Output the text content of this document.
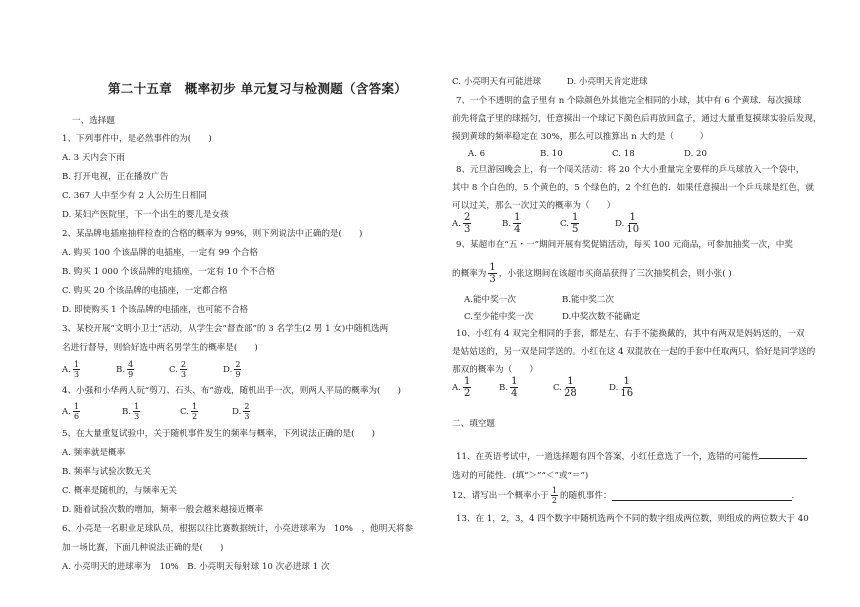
第二十五章　概率初步 单元复习与检测题（含答案）
一、选择题
1、下列事件中，是必然事件的为(　　)
A. 3 天内会下雨
B. 打开电视，正在播放广告
C. 367 人中至少有 2 人公历生日相同
D. 某妇产医院里，下一个出生的婴儿是女孩
2、某品牌电插座抽样检查的合格的概率为 99%，则下列说法中正确的是(　　)
A. 购买 100 个该品牌的电插座，一定有 99 个合格
B. 购买 1 000 个该品牌的电插座，一定有 10 个不合格
C. 购买 20 个该品牌的电插座，一定都合格
D. 即使购买 1 个该品牌的电插座，也可能不合格
3、某校开展“文明小卫士”活动，从学生会“督查部”的 3 名学生(2 男 1 女)中随机选两
名进行督导，则恰好选中两名男学生的概率是(　　)
A. $\frac{1}{3}$	B. $\frac{4}{9}$	C. $\frac{2}{3}$	D. $\frac{2}{9}$
4、小强和小华两人玩“剪刀、石头、布”游戏，随机出手一次，则两人平局的概率为(　　)
A. $\frac{1}{6}$	B. $\frac{1}{3}$	C. $\frac{1}{2}$	D. $\frac{2}{3}$
5、在大量重复试验中，关于随机事件发生的频率与概率，下列说法正确的是(　　)
A. 频率就是概率
B. 频率与试验次数无关
C. 概率是随机的，与频率无关
D. 随着试验次数的增加，频率一般会越来越接近概率
6、小亮是一名职业足球队员，根据以往比赛数据统计，小亮进球率为　10%　，他明天将参
加一场比赛，下面几种说法正确的是(　　)
A. 小亮明天的进球率为　10%　B. 小亮明天每射球 10 次必进球 1 次
C. 小亮明天有可能进球　　　D. 小亮明天肯定进球
7、一个不透明的盒子里有 n 个除颜色外其他完全相同的小球，其中有 6 个黄球．每次摸球
前先将盒子里的球摇匀，任意摸出一个球记下颜色后再放回盒子，通过大量重复摸球实验后发现，
摸到黄球的频率稳定在 30%，那么可以推算出 n 大约是（　　　）
A. 6	B. 10	C. 18	D. 20
8、元旦游园晚会上，有一个闯关活动：将 20 个大小重量完全要样的乒乓球放入一个袋中，
其中 8 个白色的，5 个黄色的，5 个绿色的，2 个红色的．如果任意摸出一个乒乓球是红色，就
可以过关，那么一次过关的概率为（　　）
A. $\frac{2}{3}$	B. $\frac{1}{4}$	C. $\frac{1}{5}$	D. $\frac{1}{10}$
9、某超市在“五・一”期间开展有奖促销活动，每买 100 元商品，可参加抽奖一次，中奖
的概率为 $\frac{1}{3}$ ，小张这期间在该超市买商品获得了三次抽奖机会，则小张( )
A.能中奖一次	B.能中奖二次
C.至少能中奖一次	D.中奖次数不能确定
10、小红有 4 双完全相同的手套，都是左、右手不能换戴的，其中有两双是妈妈送的，一双
是姑姑送的，另一双是同学送的。小红在这 4 双混放在一起的手套中任取两只，恰好是同学送的
那双的概率为（　　）
A. $\frac{1}{2}$	B. $\frac{1}{4}$	C. $\frac{1}{28}$	D. $\frac{1}{16}$
二、填空题
11、在英语考试中，一道选择题有四个答案，小红任意选了一个，选错的可能性
选对的可能性．(填“＞”“＜”或“＝”)
12、请写出一个概率小于 $\frac{1}{2}$ 的随机事件：	.
13、在 1，2，3，4 四个数字中随机选两个不同的数字组成两位数，则组成的两位数大于 40
